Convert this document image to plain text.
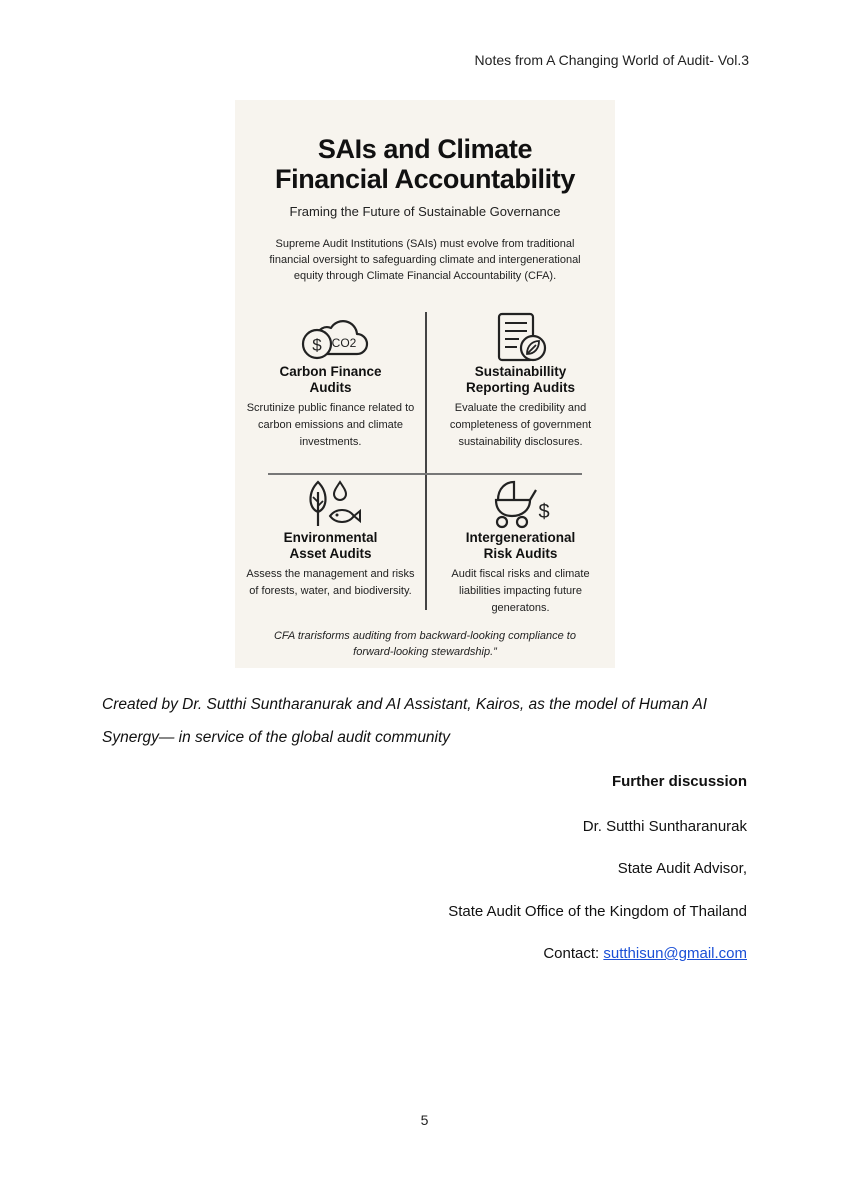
Notes from A Changing World of Audit- Vol.3
SAIs and Climate
Financial Accountability
Framing the Future of Sustainable Governance
Supreme Audit Institutions (SAIs) must evolve from traditional financial oversight to safeguarding climate and intergenerational equity through Climate Financial Accountability (CFA).
$ CO2
Carbon Finance
Audits
Scrutinize public finance related to carbon emissions and climate investments.
Sustainabillity
Reporting Audits
Evaluate the credibility and completeness of government sustainability disclosures.
Environmental
Asset Audits
Assess the management and risks of forests, water, and biodiversity.
$
Intergenerational
Risk Audits
Audit fiscal risks and climate liabilities impacting future generatons.
CFA trarisforms auditing from backward-looking compliance to forward-looking stewardship.”
Created by Dr. Sutthi Suntharanurak and AI Assistant, Kairos, as the model of Human AI Synergy— in service of the global audit community
Further discussion
Dr. Sutthi Suntharanurak
State Audit Advisor,
State Audit Office of the Kingdom of Thailand
Contact: sutthisun@gmail.com
5
